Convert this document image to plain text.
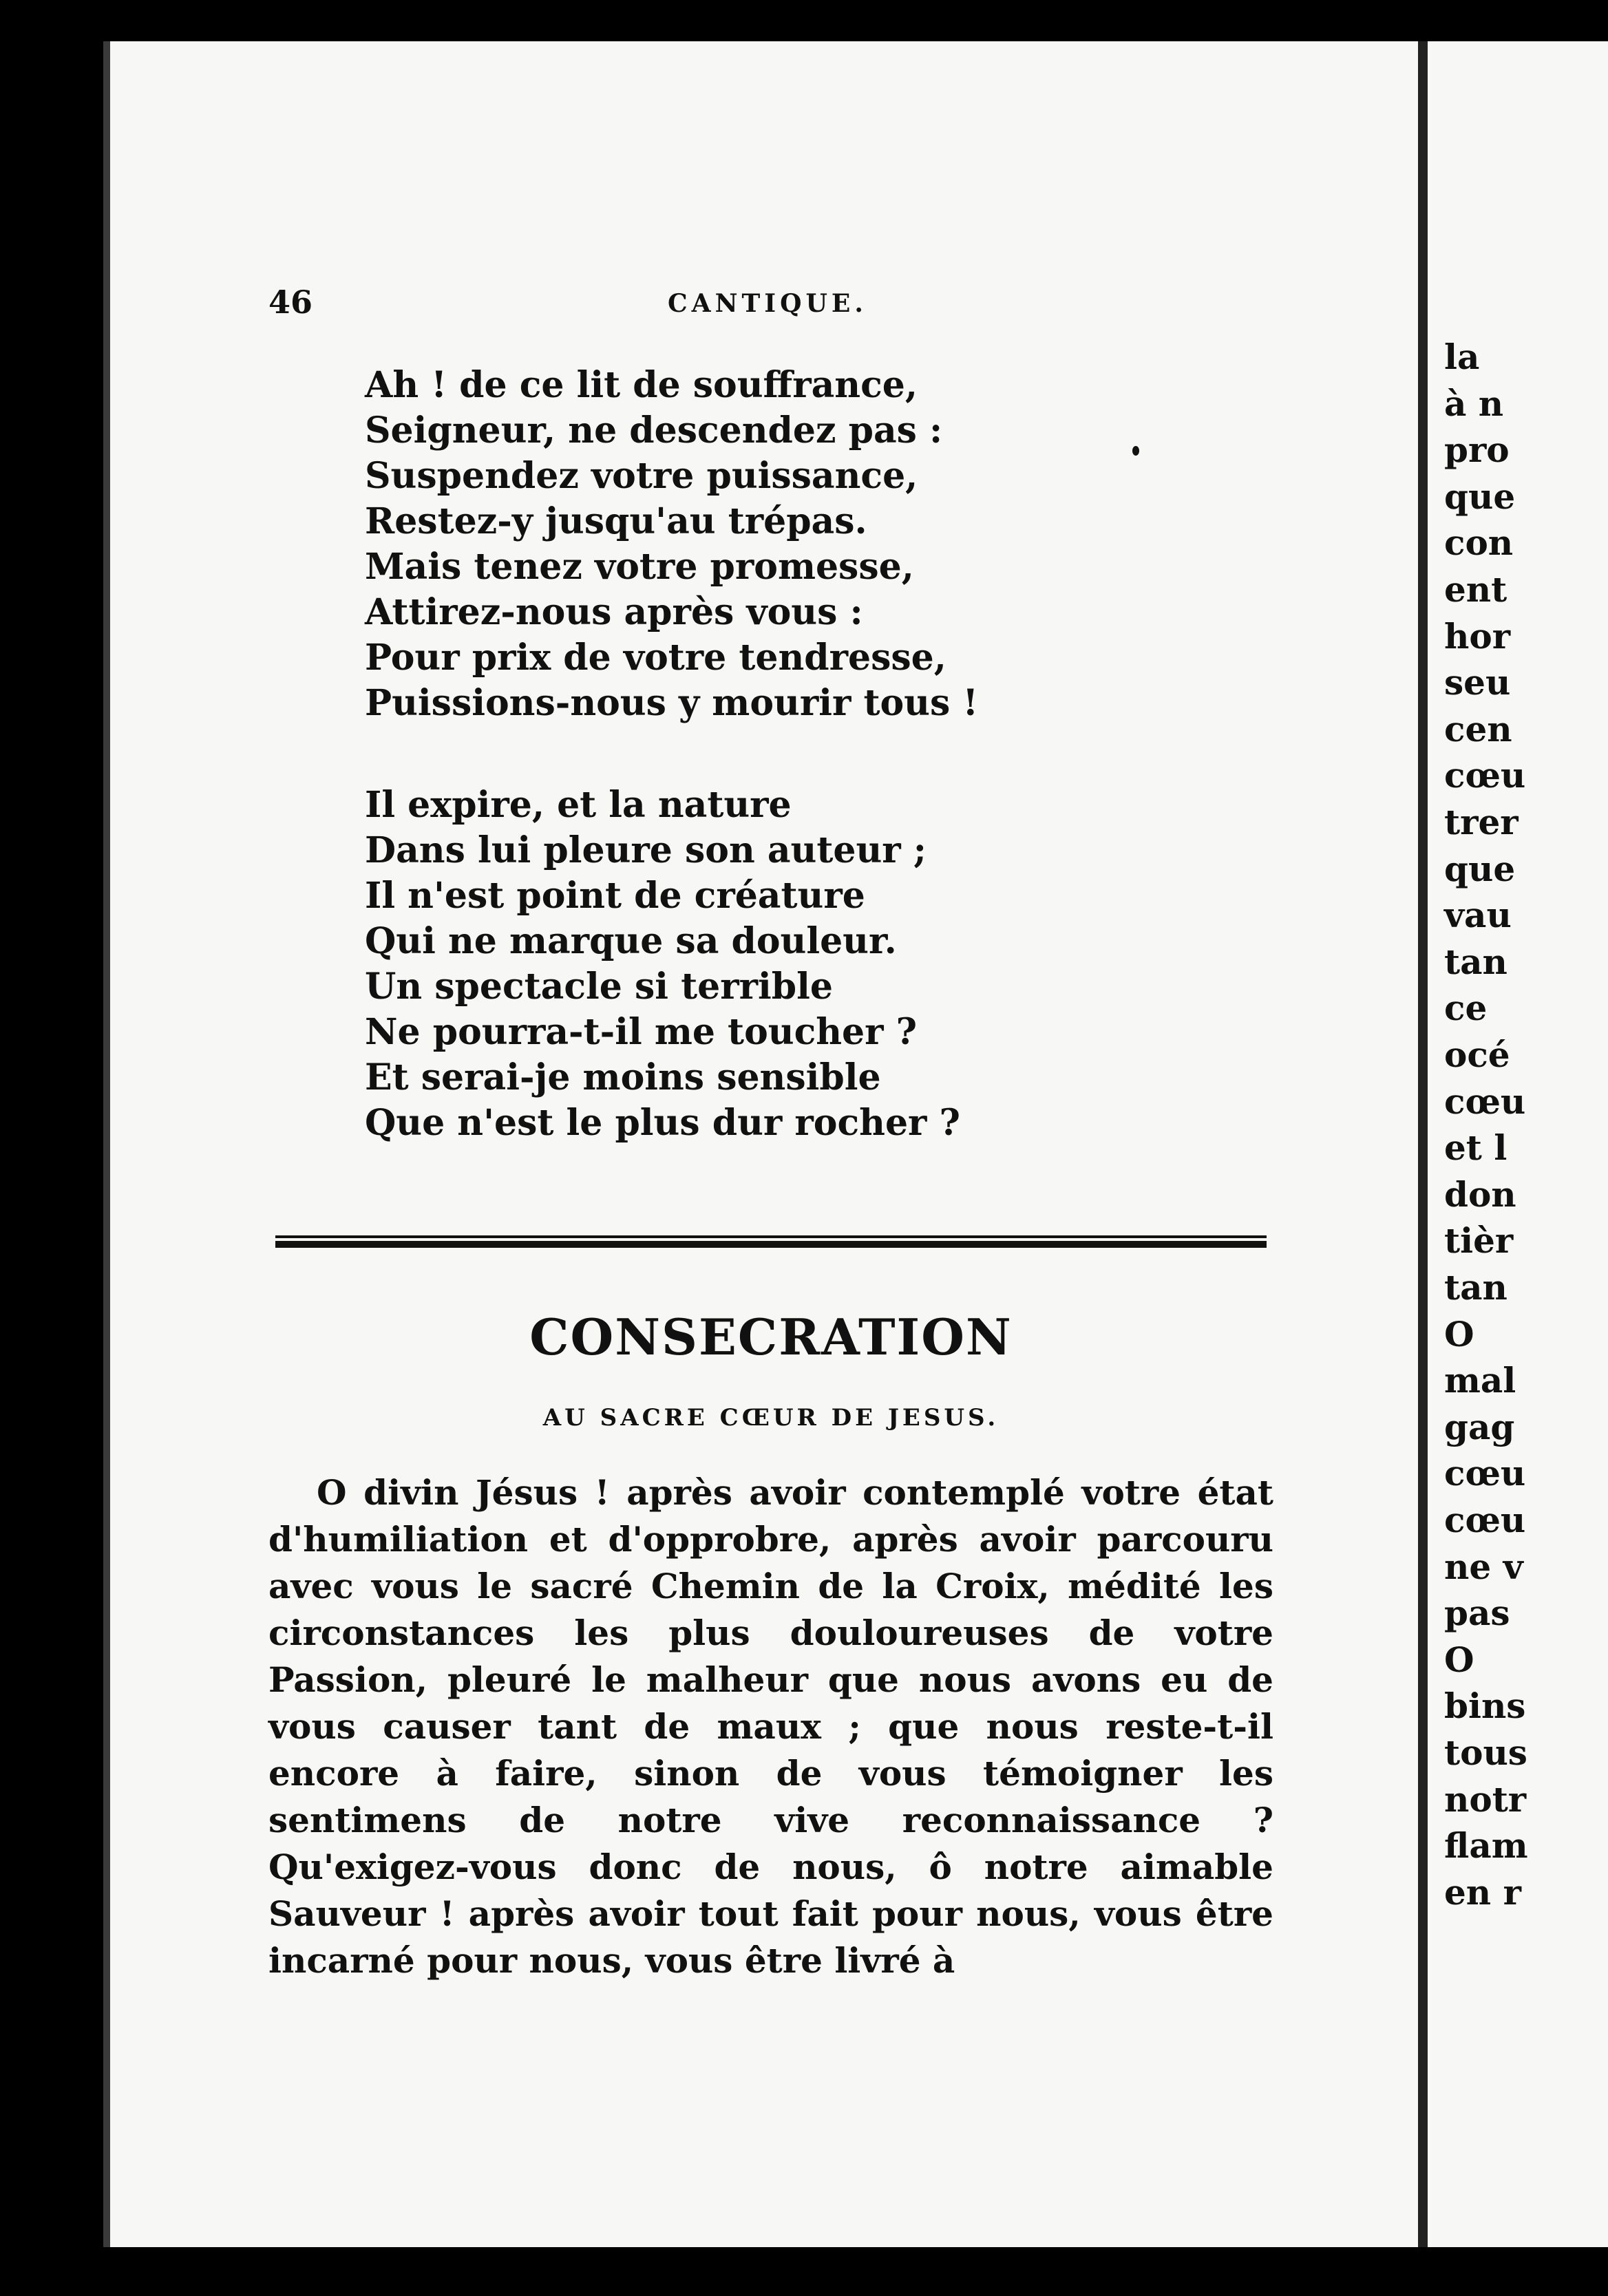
46	CANTIQUE.
Ah ! de ce lit de souffrance,
Seigneur, ne descendez pas :
Suspendez votre puissance,
Restez-y jusqu'au trépas.
Mais tenez votre promesse,
Attirez-nous après vous :
Pour prix de votre tendresse,
Puissions-nous y mourir tous !
Il expire, et la nature
Dans lui pleure son auteur ;
Il n'est point de créature
Qui ne marque sa douleur.
Un spectacle si terrible
Ne pourra-t-il me toucher ?
Et serai-je moins sensible
Que n'est le plus dur rocher ?
CONSECRATION
AU SACRE CŒUR DE JESUS.
O divin Jésus ! après avoir contemplé votre état d'humiliation et d'opprobre, après avoir parcouru avec vous le sacré Chemin de la Croix, médité les circonstances les plus douloureuses de votre Passion, pleuré le malheur que nous avons eu de vous causer tant de maux ; que nous reste-t-il encore à faire, sinon de vous témoigner les sentimens de notre vive reconnaissance ? Qu'exigez-vous donc de nous, ô notre aimable Sauveur ! après avoir tout fait pour nous, vous être incarné pour nous, vous être livré à
la
à n
pro
que
con
ent
hor
seu
cen
cœu
trer
que
vau
tan
ce
océ
cœu
et l
don
tièr
tan
O
mal
gag
cœu
cœu
ne v
pas
O
bins
tous
notr
flam
en r
